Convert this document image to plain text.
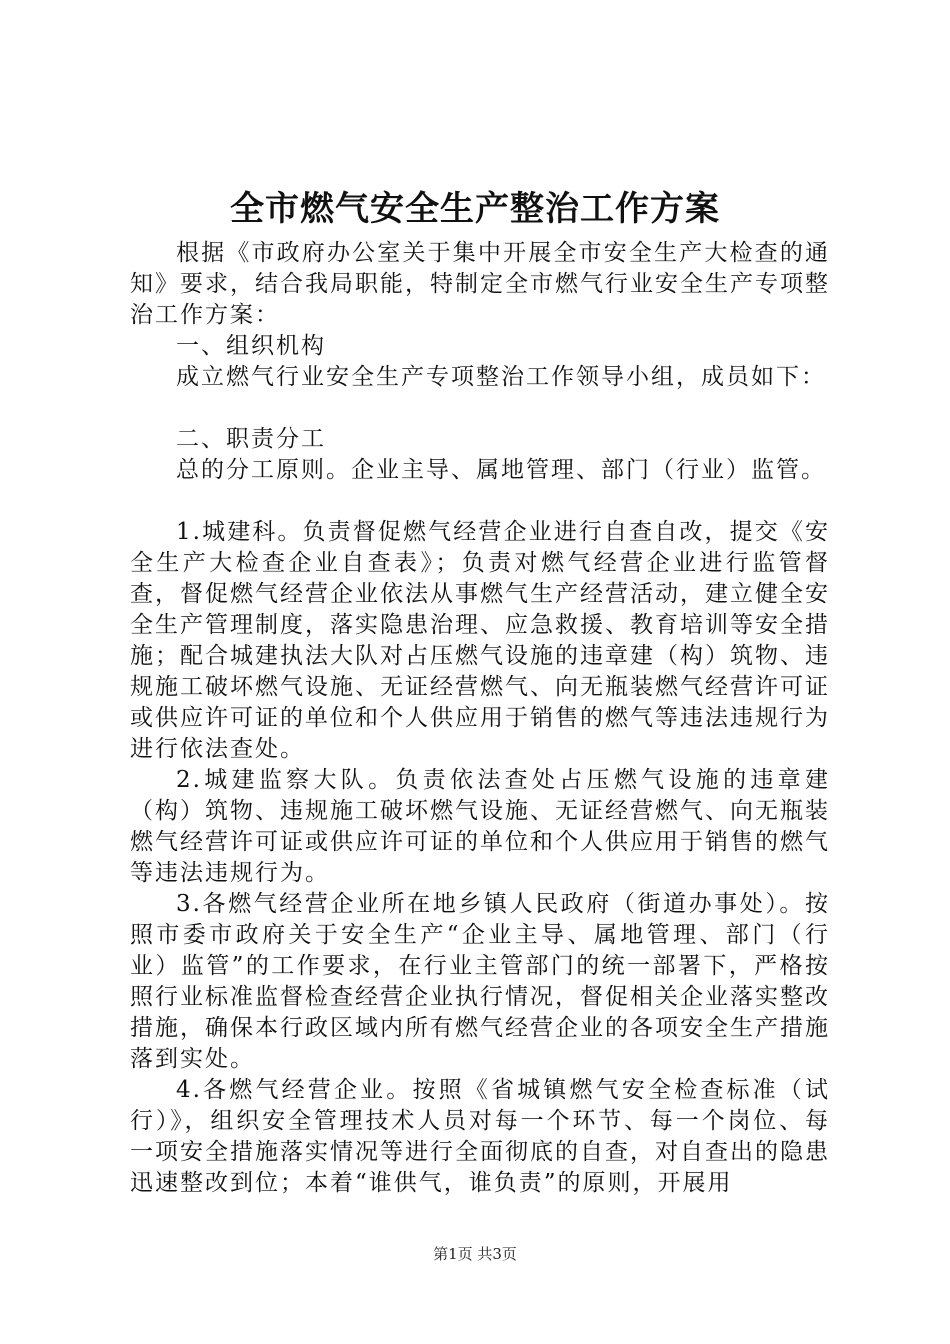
全市燃气安全生产整治工作方案

根据《市政府办公室关于集中开展全市安全生产大检查的通知》要求，结合我局职能，特制定全市燃气行业安全生产专项整治工作方案：

一、组织机构

成立燃气行业安全生产专项整治工作领导小组，成员如下：

二、职责分工

总的分工原则。企业主导、属地管理、部门（行业）监管。

1.城建科。负责督促燃气经营企业进行自查自改，提交《安全生产大检查企业自查表》；负责对燃气经营企业进行监管督查，督促燃气经营企业依法从事燃气生产经营活动，建立健全安全生产管理制度，落实隐患治理、应急救援、教育培训等安全措施；配合城建执法大队对占压燃气设施的违章建（构）筑物、违规施工破坏燃气设施、无证经营燃气、向无瓶装燃气经营许可证或供应许可证的单位和个人供应用于销售的燃气等违法违规行为进行依法查处。

2.城建监察大队。负责依法查处占压燃气设施的违章建（构）筑物、违规施工破坏燃气设施、无证经营燃气、向无瓶装燃气经营许可证或供应许可证的单位和个人供应用于销售的燃气等违法违规行为。

3.各燃气经营企业所在地乡镇人民政府（街道办事处）。按照市委市政府关于安全生产“企业主导、属地管理、部门（行业）监管”的工作要求，在行业主管部门的统一部署下，严格按照行业标准监督检查经营企业执行情况，督促相关企业落实整改措施，确保本行政区域内所有燃气经营企业的各项安全生产措施落到实处。

4.各燃气经营企业。按照《省城镇燃气安全检查标准（试行）》，组织安全管理技术人员对每一个环节、每一个岗位、每一项安全措施落实情况等进行全面彻底的自查，对自查出的隐患迅速整改到位；本着“谁供气，谁负责”的原则，开展用

第1页 共3页
